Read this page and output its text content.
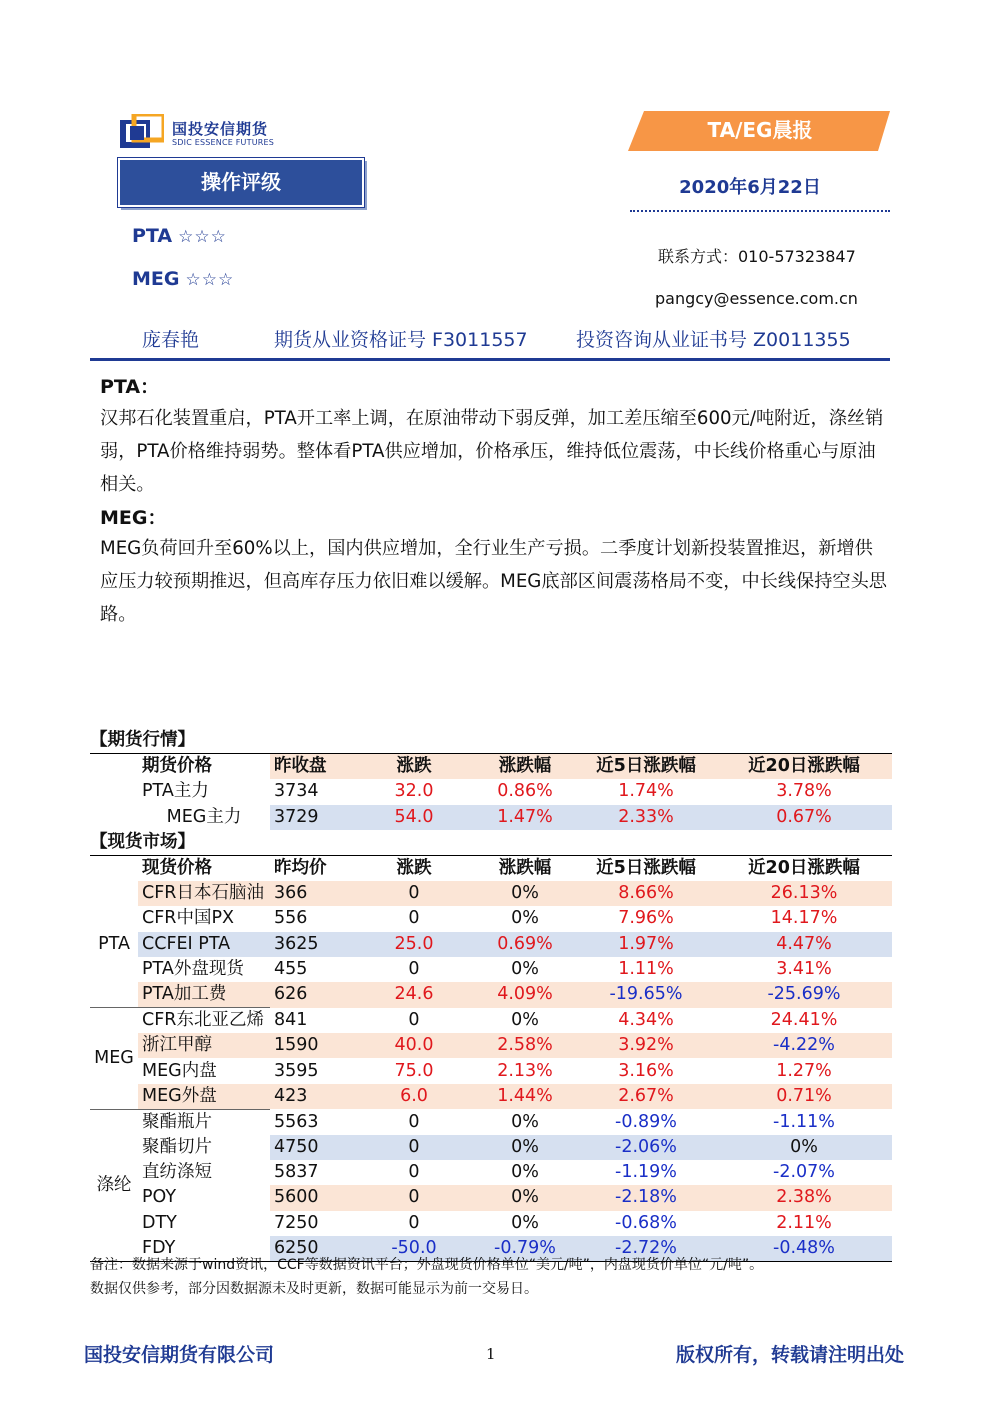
国投安信期货
SDIC ESSENCE FUTURES
操作评级
TA/EG晨报
2020年6月22日
PTA ☆☆☆
MEG ☆☆☆
联系方式：010-57323847
pangcy@essence.com.cn
庞春艳	期货从业资格证号 F3011557	投资咨询从业证书号 Z0011355
PTA：
汉邦石化装置重启，PTA开工率上调，在原油带动下弱反弹，加工差压缩至600元/吨附近，涤丝销弱，PTA价格维持弱势。整体看PTA供应增加，价格承压，维持低位震荡，中长线价格重心与原油相关。
MEG：
MEG负荷回升至60%以上，国内供应增加，全行业生产亏损。二季度计划新投装置推迟，新增供应压力较预期推迟，但高库存压力依旧难以缓解。MEG底部区间震荡格局不变，中长线保持空头思路。
【期货行情】						
	期货价格	昨收盘	涨跌	涨跌幅	近5日涨跌幅	近20日涨跌幅
	PTA主力	3734	32.0	0.86%	1.74%	3.78%
	MEG主力	3729	54.0	1.47%	2.33%	0.67%
【现货市场】						
	现货价格	昨均价	涨跌	涨跌幅	近5日涨跌幅	近20日涨跌幅
PTA	CFR日本石脑油	366	0	0%	8.66%	26.13%
	CFR中国PX	556	0	0%	7.96%	14.17%
	CCFEI PTA	3625	25.0	0.69%	1.97%	4.47%
	PTA外盘现货	455	0	0%	1.11%	3.41%
	PTA加工费	626	24.6	4.09%	-19.65%	-25.69%
MEG	CFR东北亚乙烯	841	0	0%	4.34%	24.41%
	浙江甲醇	1590	40.0	2.58%	3.92%	-4.22%
	MEG内盘	3595	75.0	2.13%	3.16%	1.27%
	MEG外盘	423	6.0	1.44%	2.67%	0.71%
涤纶	聚酯瓶片	5563	0	0%	-0.89%	-1.11%
	聚酯切片	4750	0	0%	-2.06%	0%
	直纺涤短	5837	0	0%	-1.19%	-2.07%
	POY	5600	0	0%	-2.18%	2.38%
	DTY	7250	0	0%	-0.68%	2.11%
	FDY	6250	-50.0	-0.79%	-2.72%	-0.48%
备注：数据来源于wind资讯，CCF等数据资讯平台；外盘现货价格单位“美元/吨”，内盘现货价单位“元/吨”。
数据仅供参考，部分因数据源未及时更新，数据可能显示为前一交易日。
国投安信期货有限公司	1	版权所有，转载请注明出处
